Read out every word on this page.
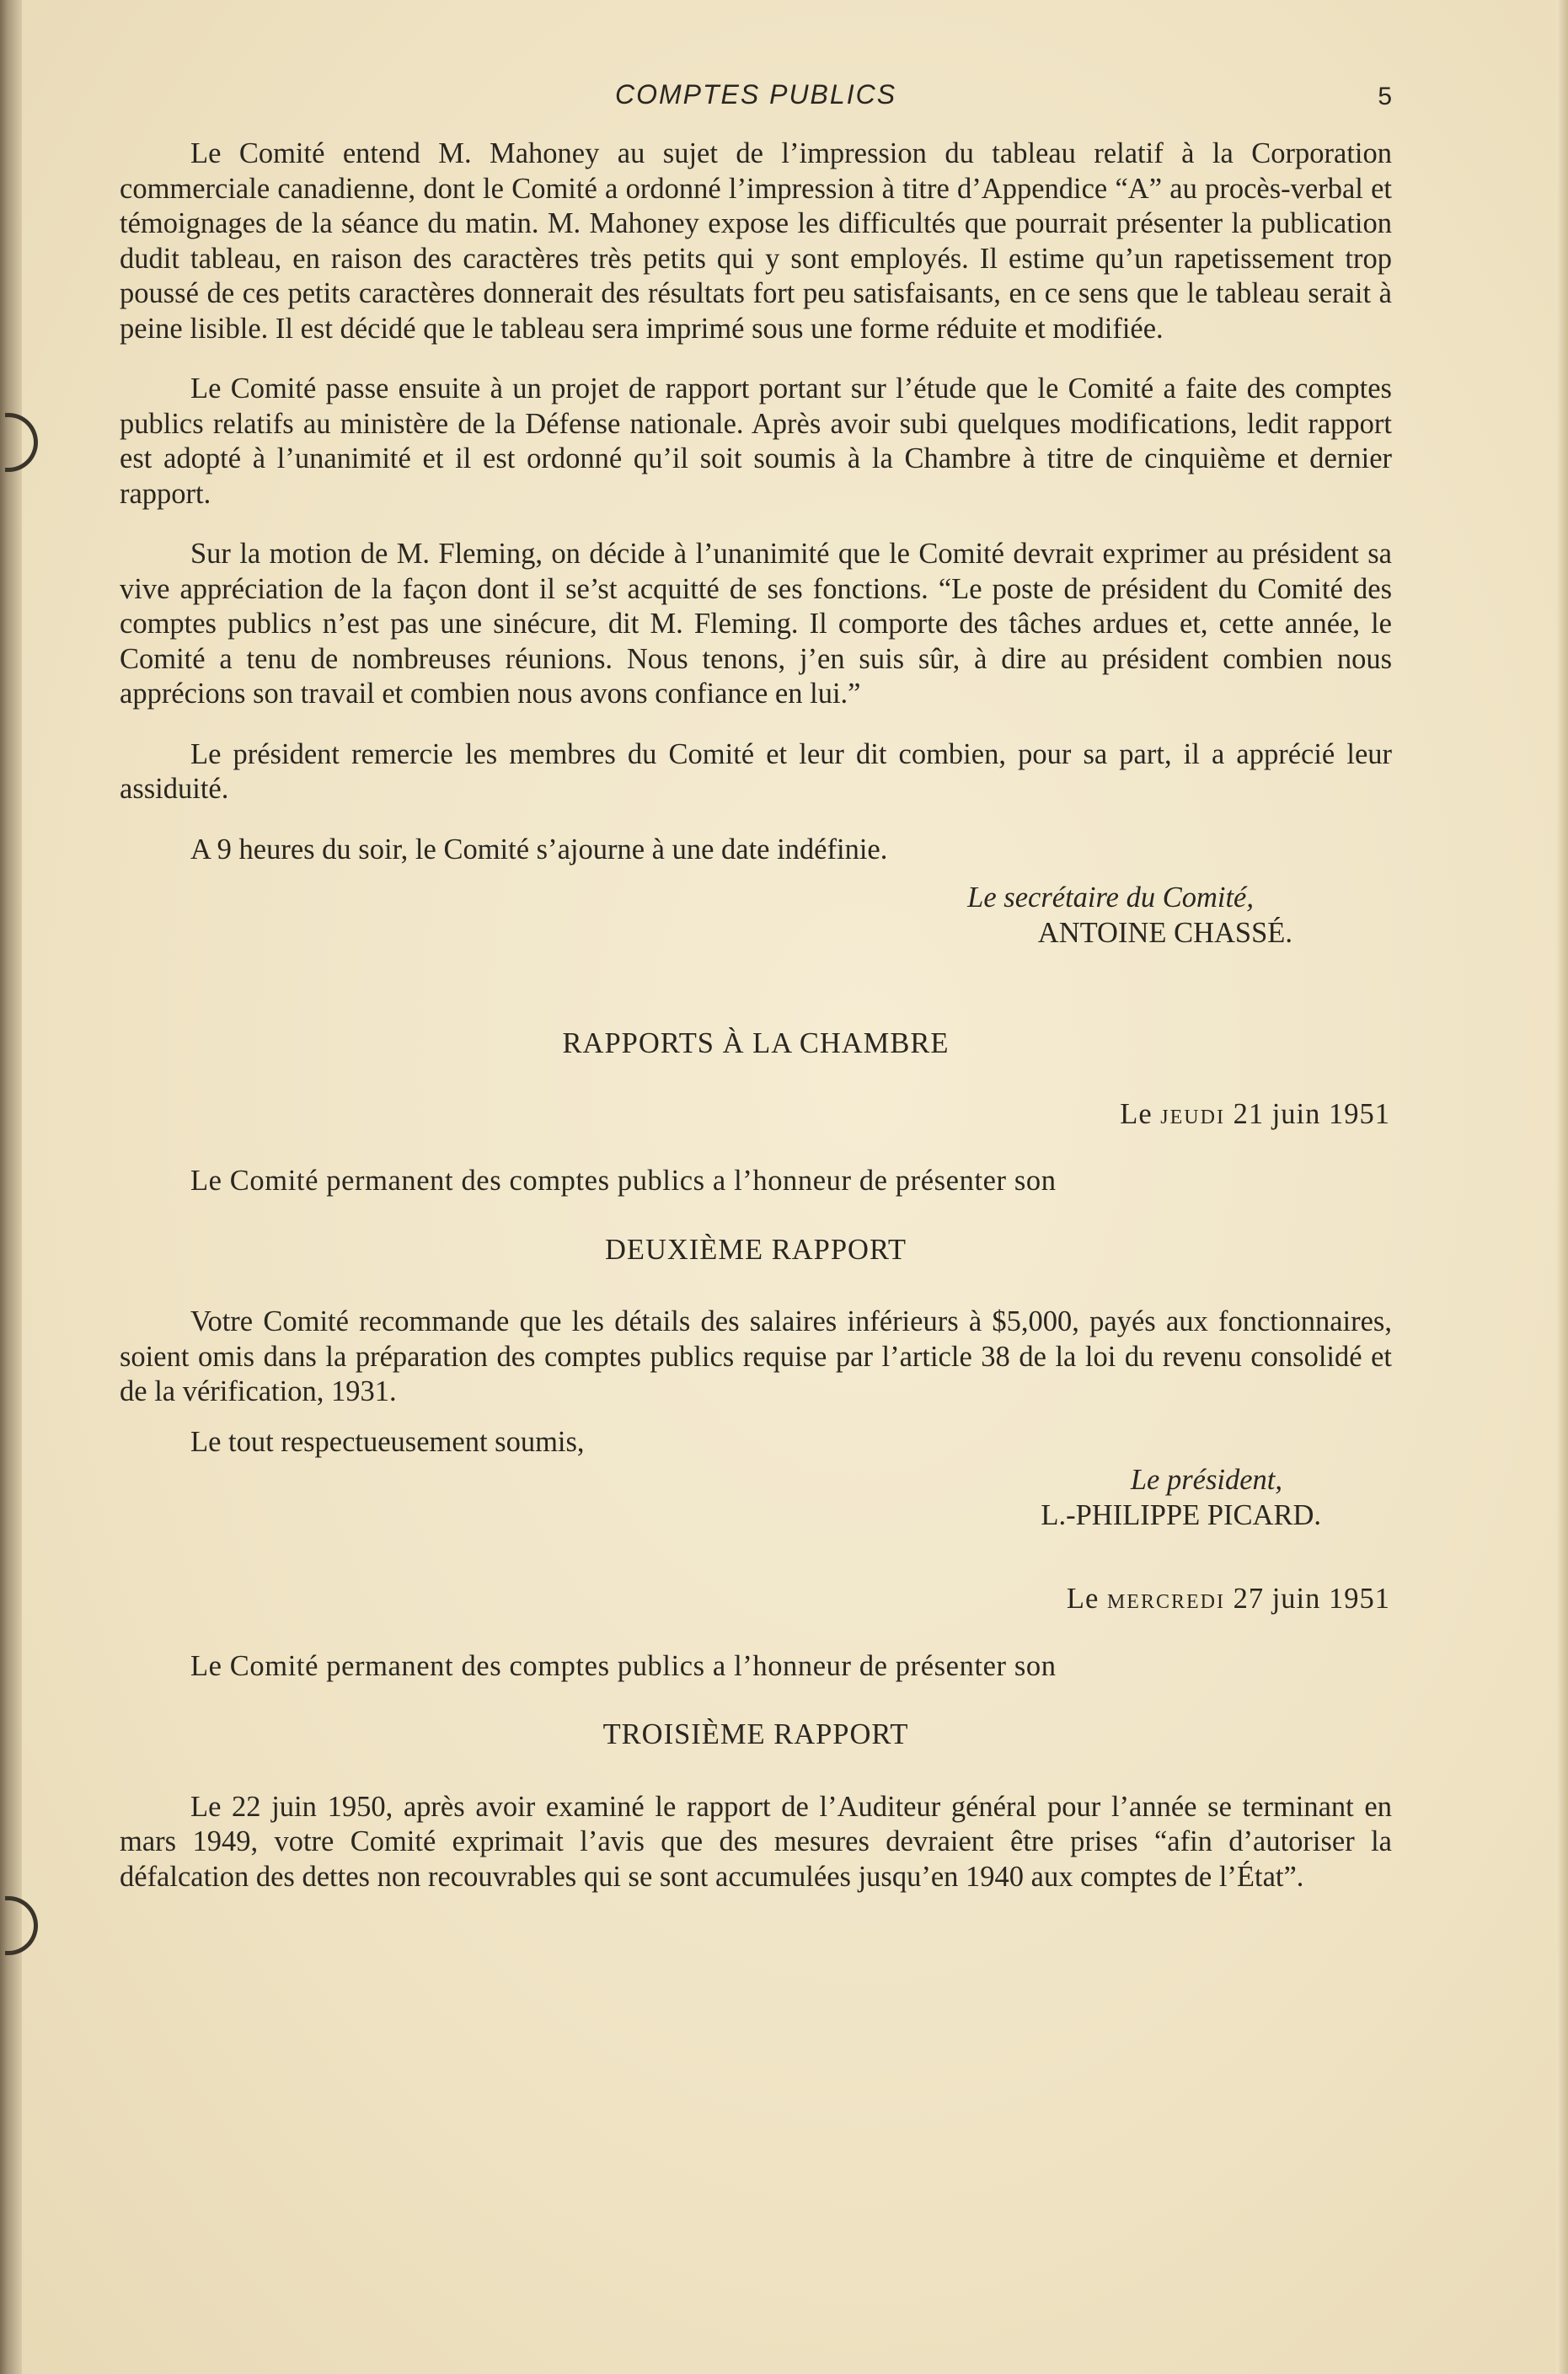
COMPTES PUBLICS	5

Le Comité entend M. Mahoney au sujet de l’impression du tableau relatif à la Corporation commerciale canadienne, dont le Comité a ordonné l’impression à titre d’Appendice “A” au procès-verbal et témoignages de la séance du matin. M. Mahoney expose les difficultés que pourrait présenter la publication dudit tableau, en raison des caractères très petits qui y sont employés. Il estime qu’un rapetissement trop poussé de ces petits caractères donnerait des résultats fort peu satisfaisants, en ce sens que le tableau serait à peine lisible. Il est décidé que le tableau sera imprimé sous une forme réduite et modifiée.

Le Comité passe ensuite à un projet de rapport portant sur l’étude que le Comité a faite des comptes publics relatifs au ministère de la Défense nationale. Après avoir subi quelques modifications, ledit rapport est adopté à l’unanimité et il est ordonné qu’il soit soumis à la Chambre à titre de cinquième et dernier rapport.

Sur la motion de M. Fleming, on décide à l’unanimité que le Comité devrait exprimer au président sa vive appréciation de la façon dont il se’st acquitté de ses fonctions. “Le poste de président du Comité des comptes publics n’est pas une sinécure, dit M. Fleming. Il comporte des tâches ardues et, cette année, le Comité a tenu de nombreuses réunions. Nous tenons, j’en suis sûr, à dire au président combien nous apprécions son travail et combien nous avons confiance en lui.”

Le président remercie les membres du Comité et leur dit combien, pour sa part, il a apprécié leur assiduité.

A 9 heures du soir, le Comité s’ajourne à une date indéfinie.

Le secrétaire du Comité,
ANTOINE CHASSÉ.
RAPPORTS À LA CHAMBRE
Le jeudi 21 juin 1951

Le Comité permanent des comptes publics a l’honneur de présenter son

DEUXIÈME RAPPORT

Votre Comité recommande que les détails des salaires inférieurs à $5,000, payés aux fonctionnaires, soient omis dans la préparation des comptes publics requise par l’article 38 de la loi du revenu consolidé et de la vérification, 1931.

Le tout respectueusement soumis,

Le président,
L.-PHILIPPE PICARD.
Le mercredi 27 juin 1951

Le Comité permanent des comptes publics a l’honneur de présenter son

TROISIÈME RAPPORT

Le 22 juin 1950, après avoir examiné le rapport de l’Auditeur général pour l’année se terminant en mars 1949, votre Comité exprimait l’avis que des mesures devraient être prises “afin d’autoriser la défalcation des dettes non recouvrables qui se sont accumulées jusqu’en 1940 aux comptes de l’État”.
